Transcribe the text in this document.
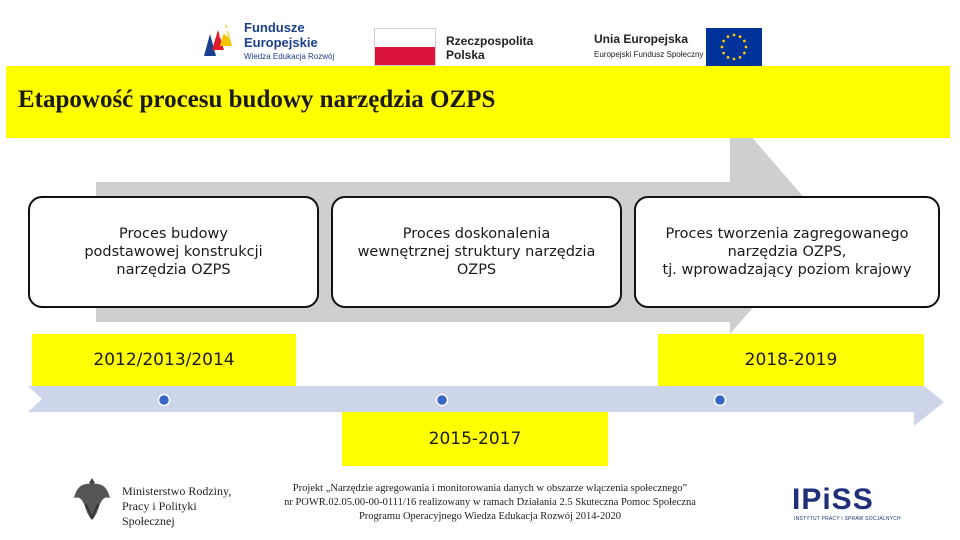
Fundusze
Europejskie
Wiedza Edukacja Rozwój
Rzeczpospolita
Polska
Unia Europejska
Europejski Fundusz Społeczny
Etapowość procesu budowy narzędzia OZPS
Proces budowy
podstawowej konstrukcji
narzędzia OZPS
Proces doskonalenia
wewnętrznej struktury narzędzia
OZPS
Proces tworzenia zagregowanego
narzędzia OZPS,
tj. wprowadzający poziom krajowy
2012/2013/2014
2015-2017
2018-2019
Ministerstwo Rodziny,
Pracy i Polityki Społecznej
Projekt „Narzędzie agregowania i monitorowania danych w obszarze włączenia społecznego”
nr POWR.02.05.00-00-0111/16 realizowany w ramach Działania 2.5 Skuteczna Pomoc Społeczna
Programu Operacyjnego Wiedza Edukacja Rozwój 2014-2020
IPiSS
INSTYTUT PRACY I SPRAW SOCJALNYCH
